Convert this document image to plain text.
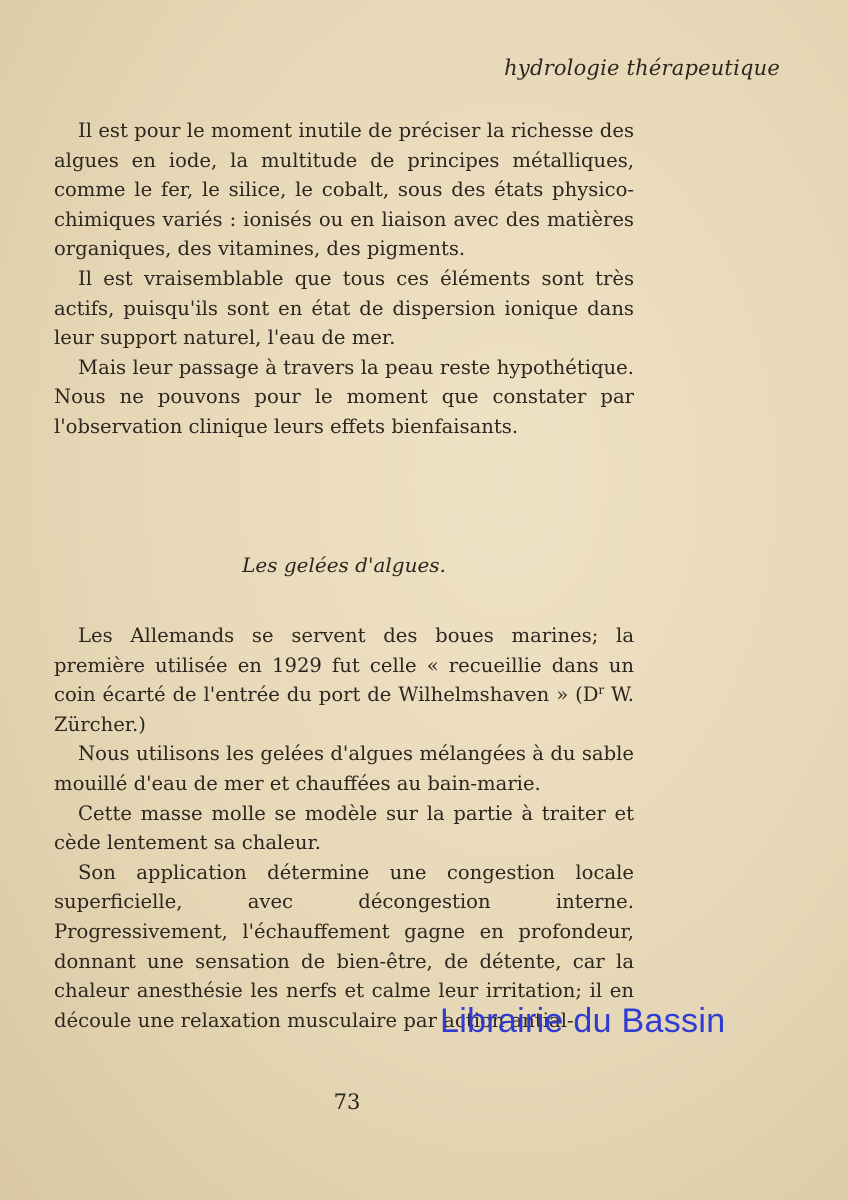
hydrologie thérapeutique

Il est pour le moment inutile de préciser la richesse des algues en iode, la multitude de principes métalliques, comme le fer, le silice, le cobalt, sous des états physico-chimiques variés : ionisés ou en liaison avec des matières organiques, des vitamines, des pigments.

Il est vraisemblable que tous ces éléments sont très actifs, puisqu'ils sont en état de dispersion ionique dans leur support naturel, l'eau de mer.

Mais leur passage à travers la peau reste hypothétique. Nous ne pouvons pour le moment que constater par l'observation clinique leurs effets bienfaisants.

Les gelées d'algues.

Les Allemands se servent des boues marines; la première utilisée en 1929 fut celle « recueillie dans un coin écarté de l'entrée du port de Wilhelmshaven » ($D^r$ W. Zürcher.)

Nous utilisons les gelées d'algues mélangées à du sable mouillé d'eau de mer et chauffées au bain-marie.

Cette masse molle se modèle sur la partie à traiter et cède lentement sa chaleur.

Son application détermine une congestion locale superficielle, avec décongestion interne. Progressivement, l'échauffement gagne en profondeur, donnant une sensation de bien-être, de détente, car la chaleur anesthésie les nerfs et calme leur irritation; il en découle une relaxation musculaire par action antial-

73
Librairie du Bassin
